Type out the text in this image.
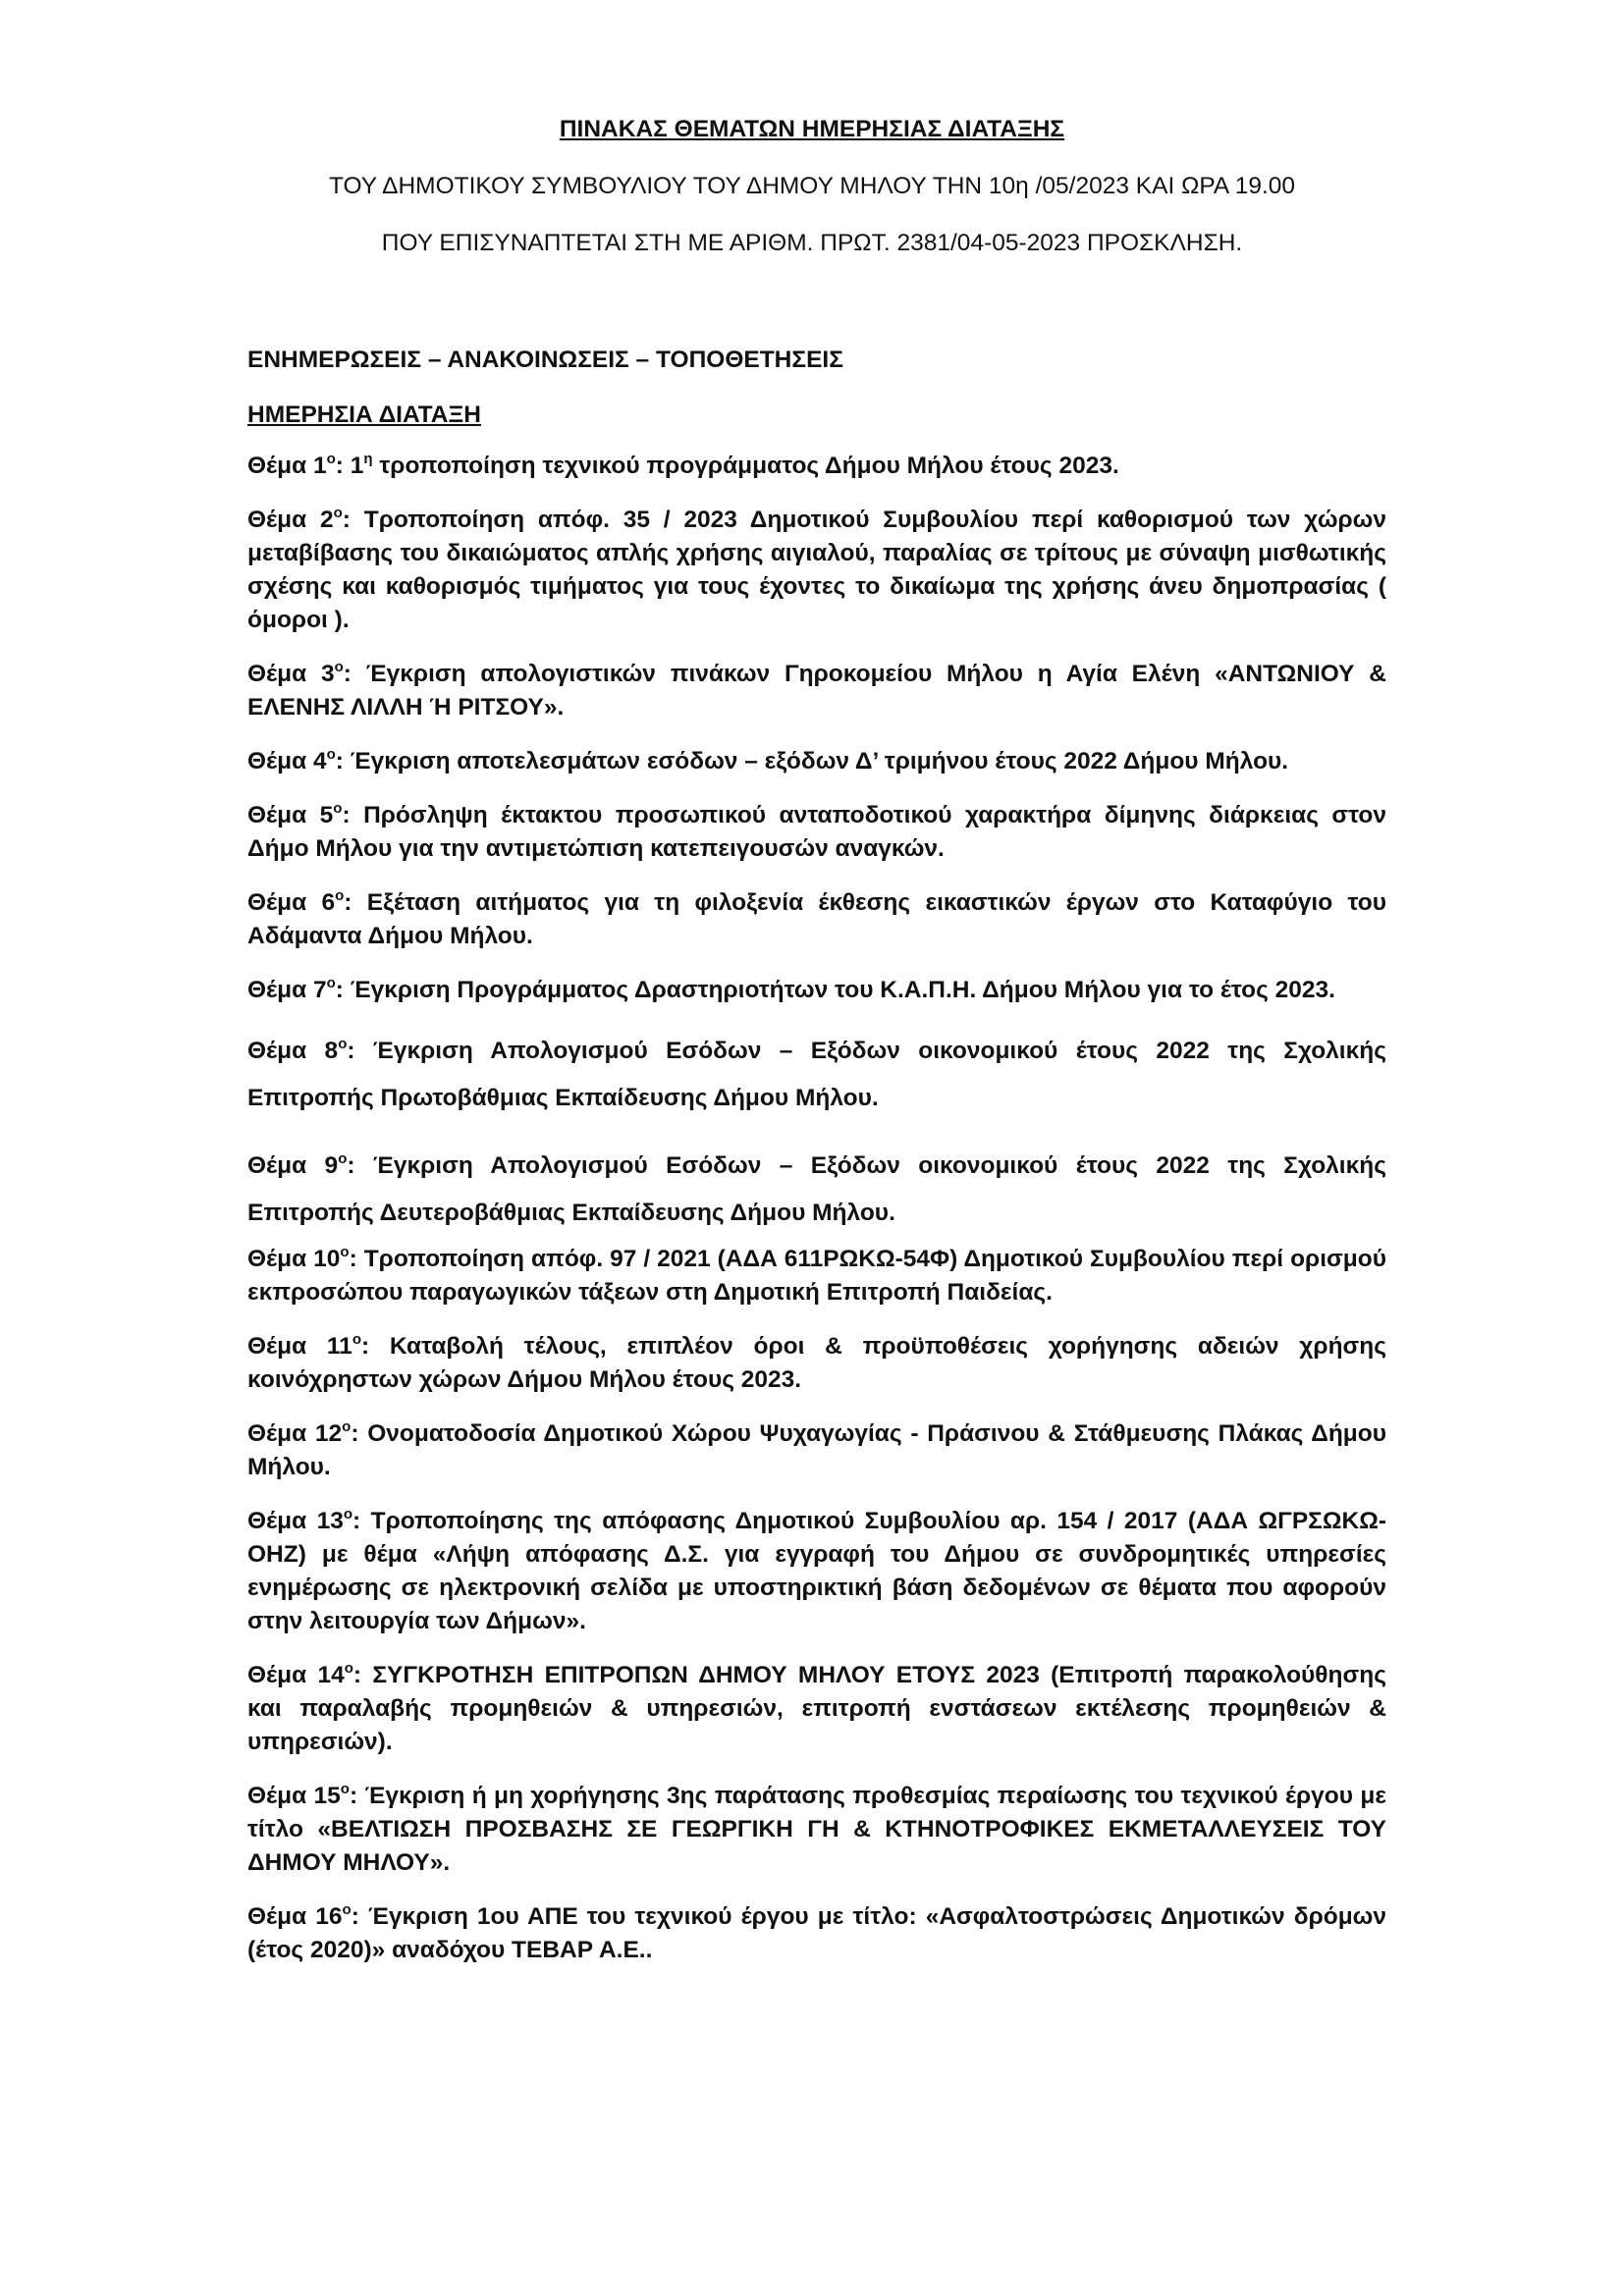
ΠΙΝΑΚΑΣ ΘΕΜΑΤΩΝ ΗΜΕΡΗΣΙΑΣ ΔΙΑΤΑΞΗΣ
ΤΟΥ ΔΗΜΟΤΙΚΟΥ ΣΥΜΒΟΥΛΙΟΥ ΤΟΥ ΔΗΜΟΥ ΜΗΛΟΥ ΤΗΝ 10η /05/2023 ΚΑΙ ΩΡΑ 19.00
ΠΟΥ ΕΠΙΣΥΝΑΠΤΕΤΑΙ ΣΤΗ ΜΕ ΑΡΙΘΜ. ΠΡΩΤ. 2381/04-05-2023 ΠΡΟΣΚΛΗΣΗ.
ΕΝΗΜΕΡΩΣΕΙΣ – ΑΝΑΚΟΙΝΩΣΕΙΣ – ΤΟΠΟΘΕΤΗΣΕΙΣ
ΗΜΕΡΗΣΙΑ ΔΙΑΤΑΞΗ

Θέμα $1^o$: $1^\eta$ τροποποίηση τεχνικού προγράμματος Δήμου Μήλου έτους 2023.

Θέμα $2^o$: Τροποποίηση απόφ. 35 / 2023 Δημοτικού Συμβουλίου περί καθορισμού των χώρων μεταβίβασης του δικαιώματος απλής χρήσης αιγιαλού, παραλίας σε τρίτους με σύναψη μισθωτικής σχέσης και καθορισμός τιμήματος για τους έχοντες το δικαίωμα της χρήσης άνευ δημοπρασίας ( όμοροι ).

Θέμα $3^o$: Έγκριση απολογιστικών πινάκων Γηροκομείου Μήλου η Αγία Ελένη «ΑΝΤΩΝΙΟΥ & ΕΛΕΝΗΣ ΛΙΛΛΗ Ή ΡΙΤΣΟΥ».

Θέμα $4^o$: Έγκριση αποτελεσμάτων εσόδων – εξόδων Δ’ τριμήνου έτους 2022 Δήμου Μήλου.

Θέμα $5^o$: Πρόσληψη έκτακτου προσωπικού ανταποδοτικού χαρακτήρα δίμηνης διάρκειας στον Δήμο Μήλου για την αντιμετώπιση κατεπειγουσών αναγκών.

Θέμα $6^o$: Εξέταση αιτήματος για τη φιλοξενία έκθεσης εικαστικών έργων στο Καταφύγιο του Αδάμαντα Δήμου Μήλου.

Θέμα $7^o$: Έγκριση Προγράμματος Δραστηριοτήτων του Κ.Α.Π.Η. Δήμου Μήλου για το έτος 2023.

Θέμα $8^o$: Έγκριση Απολογισμού Εσόδων – Εξόδων οικονομικού έτους 2022 της Σχολικής Επιτροπής Πρωτοβάθμιας Εκπαίδευσης Δήμου Μήλου.

Θέμα $9^o$: Έγκριση Απολογισμού Εσόδων – Εξόδων οικονομικού έτους 2022 της Σχολικής Επιτροπής Δευτεροβάθμιας Εκπαίδευσης Δήμου Μήλου.

Θέμα $10^o$: Τροποποίηση απόφ. 97 / 2021 (ΑΔΑ 611ΡΩΚΩ-54Φ) Δημοτικού Συμβουλίου περί ορισμού εκπροσώπου παραγωγικών τάξεων στη Δημοτική Επιτροπή Παιδείας.

Θέμα $11^o$: Καταβολή τέλους, επιπλέον όροι & προϋποθέσεις χορήγησης αδειών χρήσης κοινόχρηστων χώρων Δήμου Μήλου έτους 2023.

Θέμα $12^o$: Ονοματοδοσία Δημοτικού Χώρου Ψυχαγωγίας - Πράσινου & Στάθμευσης Πλάκας Δήμου Μήλου.

Θέμα $13^o$: Τροποποίησης της απόφασης Δημοτικού Συμβουλίου αρ. 154 / 2017 (ΑΔΑ ΩΓΡΣΩΚΩ-ΟΗΖ) με θέμα «Λήψη απόφασης Δ.Σ. για εγγραφή του Δήμου σε συνδρομητικές υπηρεσίες ενημέρωσης σε ηλεκτρονική σελίδα με υποστηρικτική βάση δεδομένων σε θέματα που αφορούν στην λειτουργία των Δήμων».

Θέμα $14^o$: ΣΥΓΚΡΟΤΗΣΗ ΕΠΙΤΡΟΠΩΝ ΔΗΜΟΥ ΜΗΛΟΥ ΕΤΟΥΣ 2023 (Επιτροπή παρακολούθησης και παραλαβής προμηθειών & υπηρεσιών, επιτροπή ενστάσεων εκτέλεσης προμηθειών & υπηρεσιών).

Θέμα $15^o$: Έγκριση ή μη χορήγησης 3ης παράτασης προθεσμίας περαίωσης του τεχνικού έργου με τίτλο «ΒΕΛΤΙΩΣΗ ΠΡΟΣΒΑΣΗΣ ΣΕ ΓΕΩΡΓΙΚΗ ΓΗ & ΚΤΗΝΟΤΡΟΦΙΚΕΣ ΕΚΜΕΤΑΛΛΕΥΣΕΙΣ ΤΟΥ ΔΗΜΟΥ ΜΗΛΟΥ».

Θέμα $16^o$: Έγκριση 1ου ΑΠΕ του τεχνικού έργου με τίτλο: «Ασφαλτοστρώσεις Δημοτικών δρόμων (έτος 2020)» αναδόχου ΤΕΒΑΡ Α.Ε..
